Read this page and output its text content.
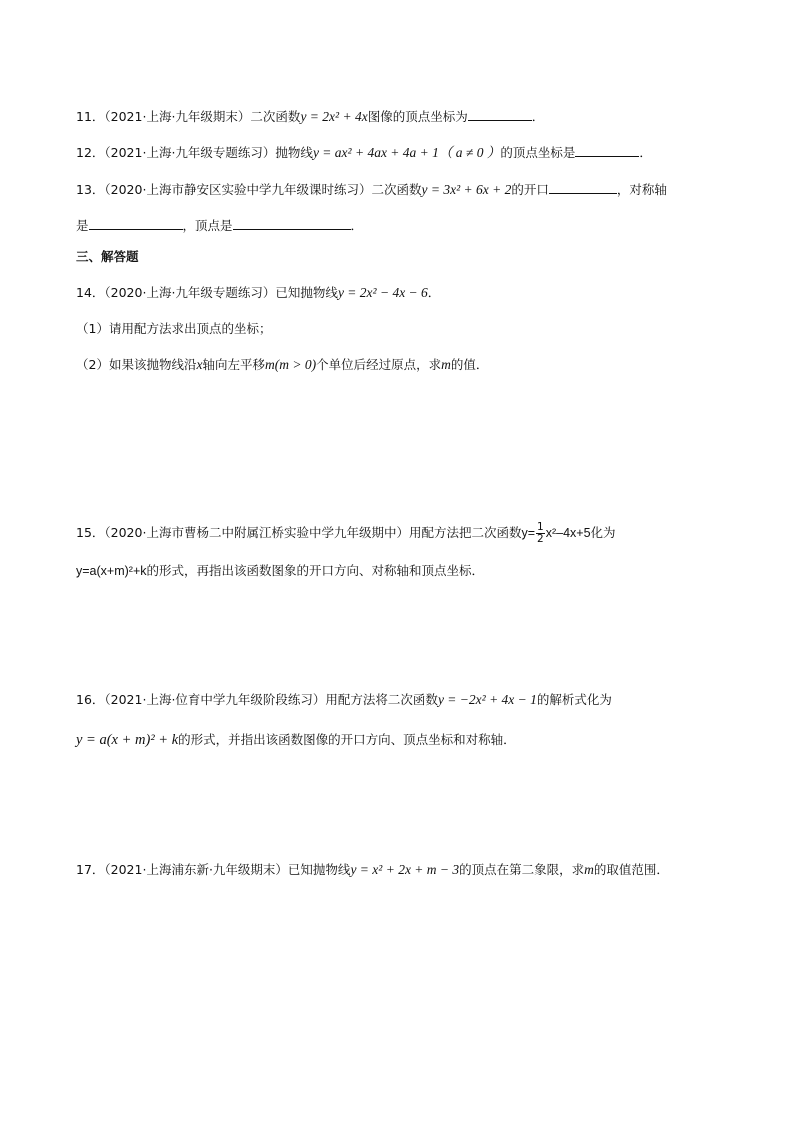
11．（2021·上海·九年级期末）二次函数y = 2x² + 4x图像的顶点坐标为	．
12．（2021·上海·九年级专题练习）抛物线y = ax² + 4ax + 4a + 1（ a ≠ 0 ）的顶点坐标是	．
13．（2020·上海市静安区实验中学九年级课时练习）二次函数y = 3x² + 6x + 2的开口	，对称轴
是	，顶点是	．
三、解答题
14．（2020·上海·九年级专题练习）已知抛物线y = 2x² − 4x − 6．
（1）请用配方法求出顶点的坐标；
（2）如果该抛物线沿x轴向左平移m(m > 0)个单位后经过原点，求m的值．
15．（2020·上海市曹杨二中附属江桥实验中学九年级期中）用配方法把二次函数$y= \frac{1}{2} x^2-4x+5$化为
y=a(x+m)²+k的形式，再指出该函数图象的开口方向、对称轴和顶点坐标．
16．（2021·上海·位育中学九年级阶段练习）用配方法将二次函数y = −2x² + 4x − 1的解析式化为
y = a(x + m)² + k的形式，并指出该函数图像的开口方向、顶点坐标和对称轴．
17．（2021·上海浦东新·九年级期末）已知抛物线y = x² + 2x + m − 3的顶点在第二象限，求m的取值范围．
